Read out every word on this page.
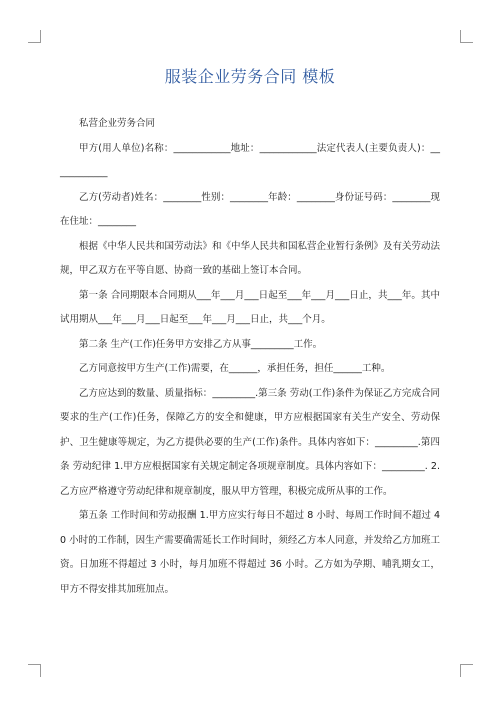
服装企业劳务合同 模板

私营企业劳务合同

甲方(用人单位)名称：____________地址：____________法定代表人(主要负责人)：____________

乙方(劳动者)姓名：________性别：________年龄：________身份证号码：________现在住址：________

根据《中华人民共和国劳动法》和《中华人民共和国私营企业暂行条例》及有关劳动法规，甲乙双方在平等自愿、协商一致的基础上签订本合同。

第一条 合同期限本合同期从___年___月___日起至___年___月___日止，共___年。其中试用期从___年___月___日起至___年___月___日止，共___个月。

第二条 生产(工作)任务甲方安排乙方从事_________工作。

乙方同意按甲方生产(工作)需要，在______，承担任务，担任______工种。

乙方应达到的数量、质量指标：_________.第三条 劳动(工作)条件为保证乙方完成合同要求的生产(工作)任务，保障乙方的安全和健康，甲方应根据国家有关生产安全、劳动保护、卫生健康等规定，为乙方提供必要的生产(工作)条件。具体内容如下：_________.第四条 劳动纪律 1.甲方应根据国家有关规定制定各项规章制度。具体内容如下：_________. 2.乙方应严格遵守劳动纪律和规章制度，服从甲方管理，积极完成所从事的工作。

第五条 工作时间和劳动报酬 1.甲方应实行每日不超过 8 小时、每周工作时间不超过 40 小时的工作制，因生产需要确需延长工作时间时，须经乙方本人同意，并发给乙方加班工资。日加班不得超过 3 小时，每月加班不得超过 36 小时。乙方如为孕期、哺乳期女工，甲方不得安排其加班加点。
